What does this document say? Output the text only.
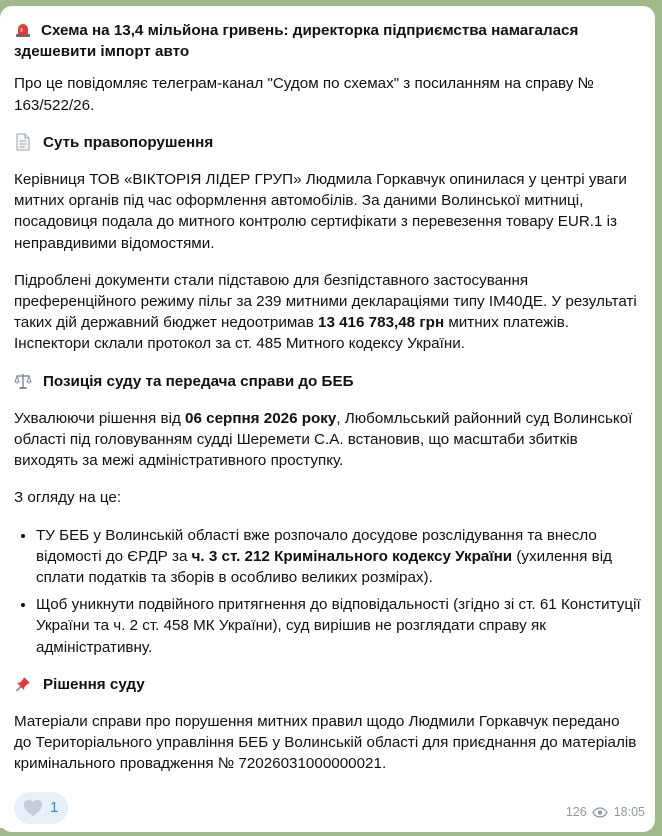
Схема на 13,4 мільйона гривень: директорка підприємства намагалася здешевити імпорт авто

Про це повідомляє телеграм-канал "Судом по схемах" з посиланням на справу № 163/522/26.

Суть правопорушення

Керівниця ТОВ «ВІКТОРІЯ ЛІДЕР ГРУП» Людмила Горкавчук опинилася у центрі уваги митних органів під час оформлення автомобілів. За даними Волинської митниці, посадовиця подала до митного контролю сертифікати з перевезення товару EUR.1 із неправдивими відомостями.

Підроблені документи стали підставою для безпідставного застосування преференційного режиму пільг за 239 митними деклараціями типу ІМ40ДЕ. У результаті таких дій державний бюджет недоотримав 13 416 783,48 грн митних платежів. Інспектори склали протокол за ст. 485 Митного кодексу України.

Позиція суду та передача справи до БЕБ

Ухвалюючи рішення від 06 серпня 2026 року, Любомльський районний суд Волинської області під головуванням судді Шеремети С.А. встановив, що масштаби збитків виходять за межі адміністративного проступку.

З огляду на це:

• ТУ БЕБ у Волинській області вже розпочало досудове розслідування та внесло відомості до ЄРДР за ч. 3 ст. 212 Кримінального кодексу України (ухилення від сплати податків та зборів в особливо великих розмірах).
• Щоб уникнути подвійного притягнення до відповідальності (згідно зі ст. 61 Конституції України та ч. 2 ст. 458 МК України), суд вирішив не розглядати справу як адміністративну.

Рішення суду

Матеріали справи про порушення митних правил щодо Людмили Горкавчук передано до Територіального управління БЕБ у Волинській області для приєднання до матеріалів кримінального провадження № 72026031000000021.

1	126 18:05
